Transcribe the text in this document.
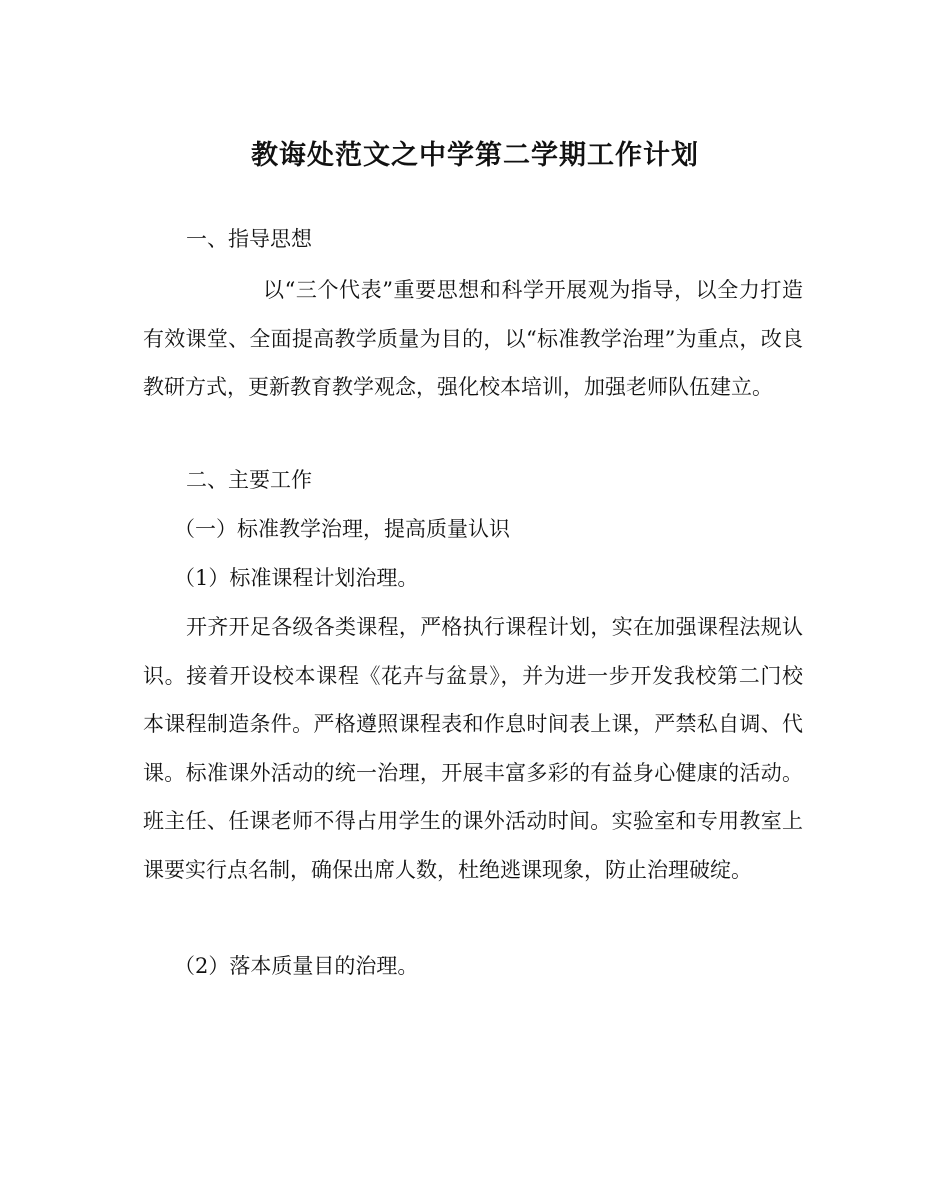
教诲处范文之中学第二学期工作计划
一、指导思想
以“三个代表”重要思想和科学开展观为指导，以全力打造有效课堂、全面提高教学质量为目的，以“标准教学治理”为重点，改良教研方式，更新教育教学观念，强化校本培训，加强老师队伍建立。
二、主要工作
（一）标准教学治理，提高质量认识
（1）标准课程计划治理。
开齐开足各级各类课程，严格执行课程计划，实在加强课程法规认识。接着开设校本课程《花卉与盆景》，并为进一步开发我校第二门校本课程制造条件。严格遵照课程表和作息时间表上课，严禁私自调、代课。标准课外活动的统一治理，开展丰富多彩的有益身心健康的活动。班主任、任课老师不得占用学生的课外活动时间。实验室和专用教室上课要实行点名制，确保出席人数，杜绝逃课现象，防止治理破绽。
（2）落本质量目的治理。
